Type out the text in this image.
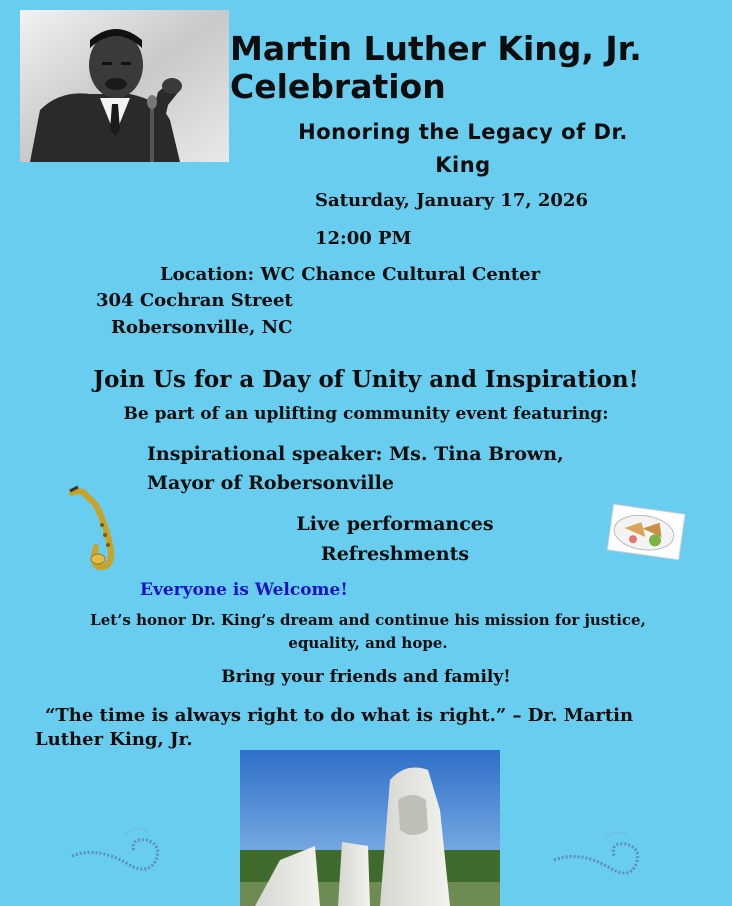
Martin Luther King, Jr.
Celebration
Honoring the Legacy of Dr.
King
Saturday, January 17, 2026
12:00 PM
Location: WC Chance Cultural Center
304 Cochran Street
Robersonville, NC
Join Us for a Day of Unity and Inspiration!
Be part of an uplifting community event featuring:
Inspirational speaker: Ms. Tina Brown,
Mayor of Robersonville
Live performances
Refreshments
Everyone is Welcome!
Let’s honor Dr. King’s dream and continue his mission for justice,
equality, and hope.
Bring your friends and family!
“The time is always right to do what is right.” – Dr. Martin
Luther King, Jr.
